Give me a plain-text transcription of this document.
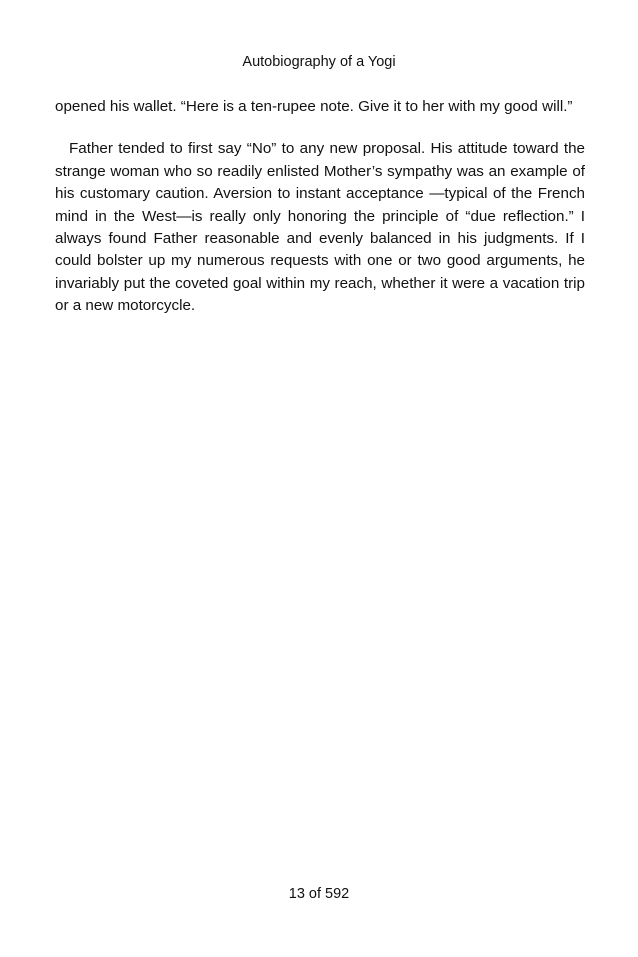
Autobiography of a Yogi

opened his wallet. “Here is a ten-rupee note. Give it to her with my good will.”

Father tended to first say “No” to any new proposal. His attitude toward the strange woman who so readily enlisted Mother’s sympathy was an example of his customary caution. Aversion to instant acceptance —typical of the French mind in the West—is really only honoring the principle of “due reflection.” I always found Father reasonable and evenly balanced in his judgments. If I could bolster up my numerous requests with one or two good arguments, he invariably put the coveted goal within my reach, whether it were a vacation trip or a new motorcycle.

13 of 592
